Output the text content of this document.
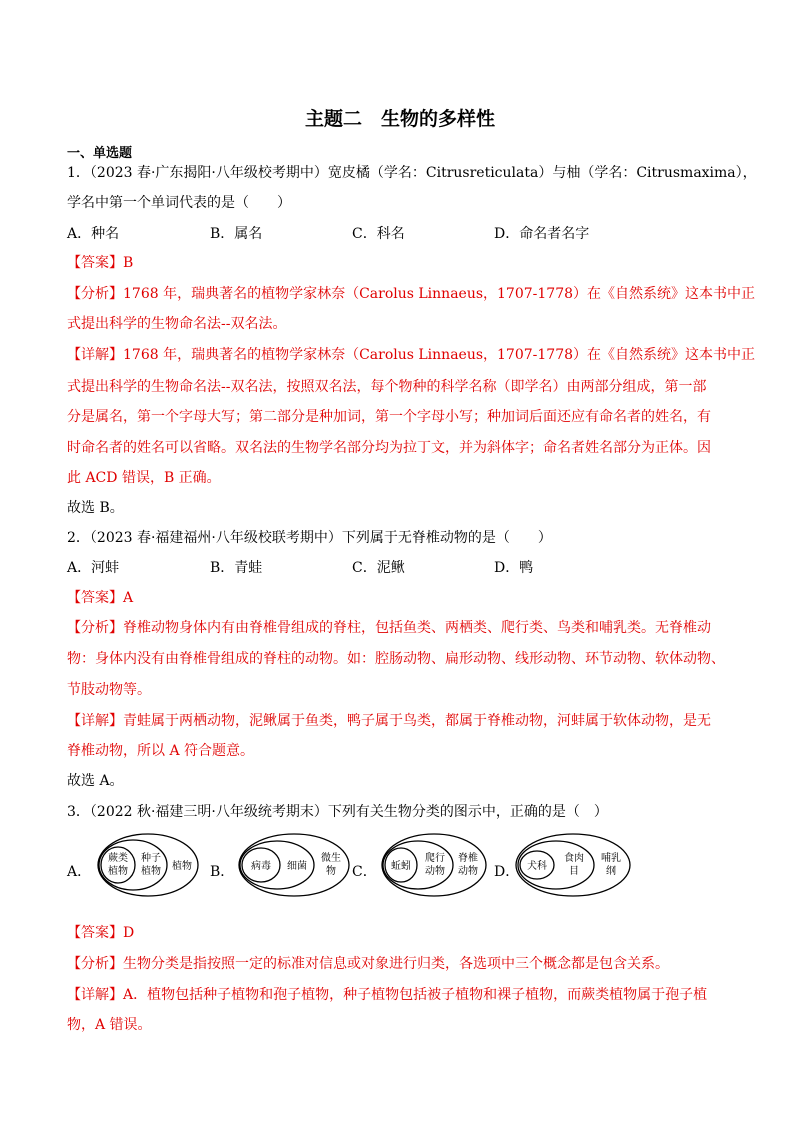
主题二　生物的多样性
一、单选题
1．（2023 春·广东揭阳·八年级校考期中）宽皮橘（学名：Citrusreticulata）与柚（学名：Citrusmaxima），
学名中第一个单词代表的是（　　）
A．种名	B．属名	C．科名	D．命名者名字
【答案】B
【分析】1768 年，瑞典著名的植物学家林奈（Carolus Linnaeus，1707-1778）在《自然系统》这本书中正
式提出科学的生物命名法--双名法。
【详解】1768 年，瑞典著名的植物学家林奈（Carolus Linnaeus，1707-1778）在《自然系统》这本书中正
式提出科学的生物命名法--双名法，按照双名法，每个物种的科学名称（即学名）由两部分组成，第一部
分是属名，第一个字母大写；第二部分是种加词，第一个字母小写；种加词后面还应有命名者的姓名，有
时命名者的姓名可以省略。双名法的生物学名部分均为拉丁文，并为斜体字；命名者姓名部分为正体。因
此 ACD 错误，B 正确。
故选 B。
2．（2023 春·福建福州·八年级校联考期中）下列属于无脊椎动物的是（　　）
A．河蚌	B．青蛙	C．泥鳅	D．鸭
【答案】A
【分析】脊椎动物身体内有由脊椎骨组成的脊柱，包括鱼类、两栖类、爬行类、鸟类和哺乳类。无脊椎动
物：身体内没有由脊椎骨组成的脊柱的动物。如：腔肠动物、扁形动物、线形动物、环节动物、软体动物、
节肢动物等。
【详解】青蛙属于两栖动物，泥鳅属于鱼类，鸭子属于鸟类，都属于脊椎动物，河蚌属于软体动物，是无
脊椎动物，所以 A 符合题意。
故选 A。
3．（2022 秋·福建三明·八年级统考期末）下列有关生物分类的图示中，正确的是（　）
A．
蕨类
植物
种子
植物 植物 B． 病毒 细菌
微生
物 C． 蚯蚓
爬行
动物
脊椎
动物 D． 犬科
食肉
目
哺乳
纲
【答案】D
【分析】生物分类是指按照一定的标准对信息或对象进行归类，各选项中三个概念都是包含关系。
【详解】A．植物包括种子植物和孢子植物，种子植物包括被子植物和裸子植物，而蕨类植物属于孢子植
物，A 错误。
